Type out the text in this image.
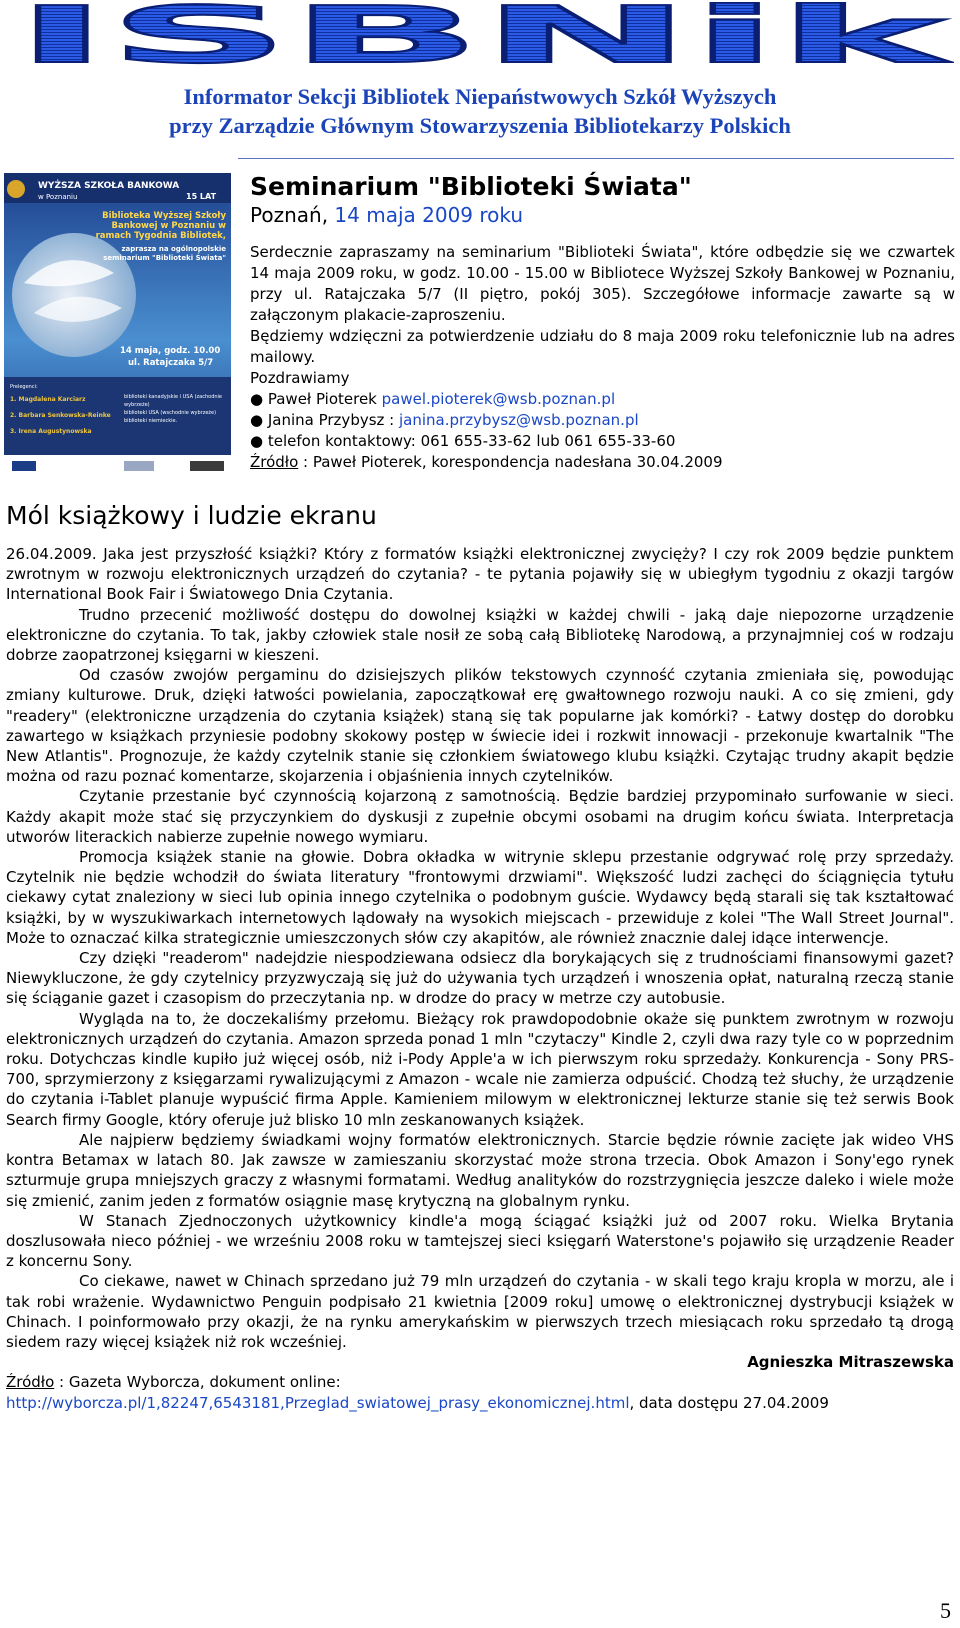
ISBNik
Informator Sekcji Bibliotek Niepaństwowych Szkół Wyższych
przy Zarządzie Głównym Stowarzyszenia Bibliotekarzy Polskich
WYŻSZA SZKOŁA BANKOWA
w Poznaniu	15 LAT
Biblioteka Wyższej Szkoły Bankowej w Poznaniu w ramach Tygodnia Bibliotek,
zaprasza na ogólnopolskie seminarium "Biblioteki Świata"
14 maja, godz. 10.00
ul. Ratajczaka 5/7
Prelegenci:
1. Magdalena Karciarz
2. Barbara Senkowska-Reinke
3. Irena Augustynowska
biblioteki kanadyjskie i USA (zachodnie wybrzeże)
biblioteki USA (wschodnie wybrzeże)
biblioteki niemieckie.
Seminarium "Biblioteki Świata"
Poznań, 14 maja 2009 roku

Serdecznie zapraszamy na seminarium "Biblioteki Świata", które odbędzie się we czwartek 14 maja 2009 roku, w godz. 10.00 - 15.00 w Bibliotece Wyższej Szkoły Bankowej w Poznaniu, przy ul. Ratajczaka 5/7 (II piętro, pokój 305). Szczegółowe informacje zawarte są w załączonym plakacie-zaproszeniu.

Będziemy wdzięczni za potwierdzenie udziału do 8 maja 2009 roku telefonicznie lub na adres mailowy.

Pozdrawiamy
● Paweł Pioterek pawel.pioterek@wsb.poznan.pl
● Janina Przybysz : janina.przybysz@wsb.poznan.pl
● telefon kontaktowy: 061 655-33-62 lub 061 655-33-60
Źródło : Paweł Pioterek, korespondencja nadesłana 30.04.2009
Mól książkowy i ludzie ekranu

26.04.2009. Jaka jest przyszłość książki? Który z formatów książki elektronicznej zwycięży? I czy rok 2009 będzie punktem zwrotnym w rozwoju elektronicznych urządzeń do czytania? - te pytania pojawiły się w ubiegłym tygodniu z okazji targów International Book Fair i Światowego Dnia Czytania.

Trudno przecenić możliwość dostępu do dowolnej książki w każdej chwili - jaką daje niepozorne urządzenie elektroniczne do czytania. To tak, jakby człowiek stale nosił ze sobą całą Bibliotekę Narodową, a przynajmniej coś w rodzaju dobrze zaopatrzonej księgarni w kieszeni.

Od czasów zwojów pergaminu do dzisiejszych plików tekstowych czynność czytania zmieniała się, powodując zmiany kulturowe. Druk, dzięki łatwości powielania, zapoczątkował erę gwałtownego rozwoju nauki. A co się zmieni, gdy "readery" (elektroniczne urządzenia do czytania książek) staną się tak popularne jak komórki? - Łatwy dostęp do dorobku zawartego w książkach przyniesie podobny skokowy postęp w świecie idei i rozkwit innowacji - przekonuje kwartalnik "The New Atlantis". Prognozuje, że każdy czytelnik stanie się członkiem światowego klubu książki. Czytając trudny akapit będzie można od razu poznać komentarze, skojarzenia i objaśnienia innych czytelników.

Czytanie przestanie być czynnością kojarzoną z samotnością. Będzie bardziej przypominało surfowanie w sieci. Każdy akapit może stać się przyczynkiem do dyskusji z zupełnie obcymi osobami na drugim końcu świata. Interpretacja utworów literackich nabierze zupełnie nowego wymiaru.

Promocja książek stanie na głowie. Dobra okładka w witrynie sklepu przestanie odgrywać rolę przy sprzedaży. Czytelnik nie będzie wchodził do świata literatury "frontowymi drzwiami". Większość ludzi zachęci do ściągnięcia tytułu ciekawy cytat znaleziony w sieci lub opinia innego czytelnika o podobnym guście. Wydawcy będą starali się tak kształtować książki, by w wyszukiwarkach internetowych lądowały na wysokich miejscach - przewiduje z kolei "The Wall Street Journal". Może to oznaczać kilka strategicznie umieszczonych słów czy akapitów, ale również znacznie dalej idące interwencje.

Czy dzięki "readerom" nadejdzie niespodziewana odsiecz dla borykających się z trudnościami finansowymi gazet? Niewykluczone, że gdy czytelnicy przyzwyczają się już do używania tych urządzeń i wnoszenia opłat, naturalną rzeczą stanie się ściąganie gazet i czasopism do przeczytania np. w drodze do pracy w metrze czy autobusie.

Wygląda na to, że doczekaliśmy przełomu. Bieżący rok prawdopodobnie okaże się punktem zwrotnym w rozwoju elektronicznych urządzeń do czytania. Amazon sprzeda ponad 1 mln "czytaczy" Kindle 2, czyli dwa razy tyle co w poprzednim roku. Dotychczas kindle kupiło już więcej osób, niż i-Pody Apple'a w ich pierwszym roku sprzedaży. Konkurencja - Sony PRS-700, sprzymierzony z księgarzami rywalizującymi z Amazon - wcale nie zamierza odpuścić. Chodzą też słuchy, że urządzenie do czytania i-Tablet planuje wypuścić firma Apple. Kamieniem milowym w elektronicznej lekturze stanie się też serwis Book Search firmy Google, który oferuje już blisko 10 mln zeskanowanych książek.

Ale najpierw będziemy świadkami wojny formatów elektronicznych. Starcie będzie równie zacięte jak wideo VHS kontra Betamax w latach 80. Jak zawsze w zamieszaniu skorzystać może strona trzecia. Obok Amazon i Sony'ego rynek szturmuje grupa mniejszych graczy z własnymi formatami. Według analityków do rozstrzygnięcia jeszcze daleko i wiele może się zmienić, zanim jeden z formatów osiągnie masę krytyczną na globalnym rynku.

W Stanach Zjednoczonych użytkownicy kindle'a mogą ściągać książki już od 2007 roku. Wielka Brytania doszlusowała nieco później - we wrześniu 2008 roku w tamtejszej sieci księgarń Waterstone's pojawiło się urządzenie Reader z koncernu Sony.

Co ciekawe, nawet w Chinach sprzedano już 79 mln urządzeń do czytania - w skali tego kraju kropla w morzu, ale i tak robi wrażenie. Wydawnictwo Penguin podpisało 21 kwietnia [2009 roku] umowę o elektronicznej dystrybucji książek w Chinach. I poinformowało przy okazji, że na rynku amerykańskim w pierwszych trzech miesiącach roku sprzedało tą drogą siedem razy więcej książek niż rok wcześniej.

Agnieszka Mitraszewska

Źródło : Gazeta Wyborcza, dokument online:

http://wyborcza.pl/1,82247,6543181,Przeglad_swiatowej_prasy_ekonomicznej.html, data dostępu 27.04.2009

5
